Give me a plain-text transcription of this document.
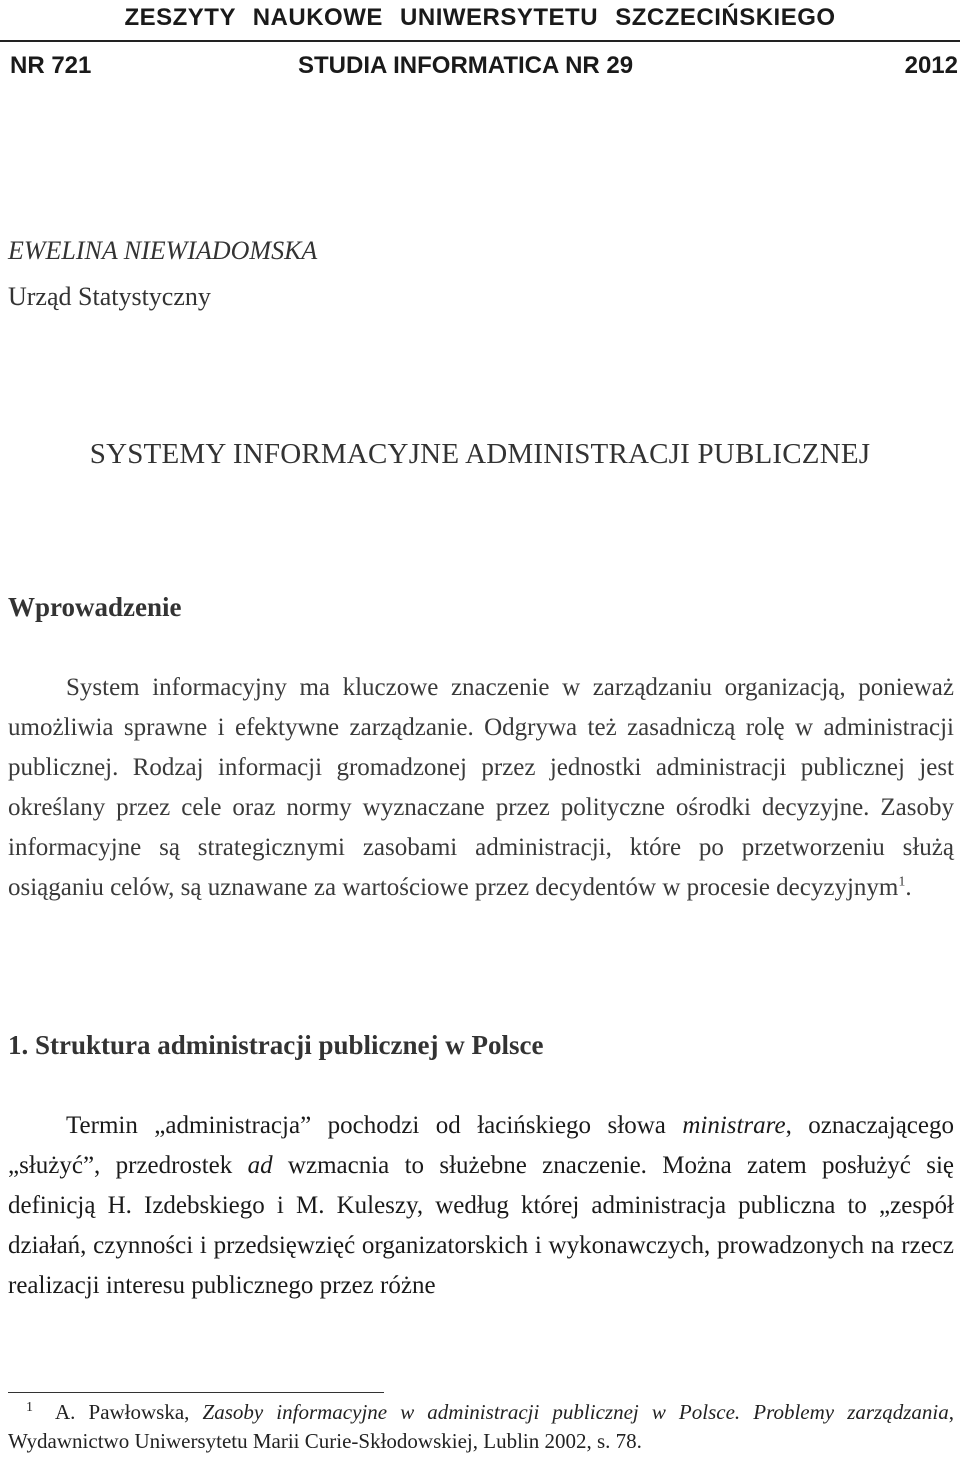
ZESZYTY NAUKOWE UNIWERSYTETU SZCZECIŃSKIEGO
NR 721	STUDIA INFORMATICA NR 29	2012
EWELINA NIEWIADOMSKA
Urząd Statystyczny
SYSTEMY INFORMACYJNE ADMINISTRACJI PUBLICZNEJ
Wprowadzenie

System informacyjny ma kluczowe znaczenie w zarządzaniu organizacją, ponieważ umożliwia sprawne i efektywne zarządzanie. Odgrywa też zasadniczą rolę w administracji publicznej. Rodzaj informacji gromadzonej przez jednostki administracji publicznej jest określany przez cele oraz normy wyznaczane przez polityczne ośrodki decyzyjne. Zasoby informacyjne są strategicznymi zasobami administracji, które po przetworzeniu służą osiąganiu celów, są uznawane za wartościowe przez decydentów w procesie decyzyjnym$^1$.

1. Struktura administracji publicznej w Polsce

Termin „administracja” pochodzi od łacińskiego słowa ministrare, oznaczającego „służyć”, przedrostek ad wzmacnia to służebne znaczenie. Można zatem posłużyć się definicją H. Izdebskiego i M. Kuleszy, według której administracja publiczna to „zespół działań, czynności i przedsięwzięć organizatorskich i wykonawczych, prowadzonych na rzecz realizacji interesu publicznego przez różne

$^1$ A. Pawłowska, Zasoby informacyjne w administracji publicznej w Polsce. Problemy zarządzania, Wydawnictwo Uniwersytetu Marii Curie-Skłodowskiej, Lublin 2002, s. 78.
